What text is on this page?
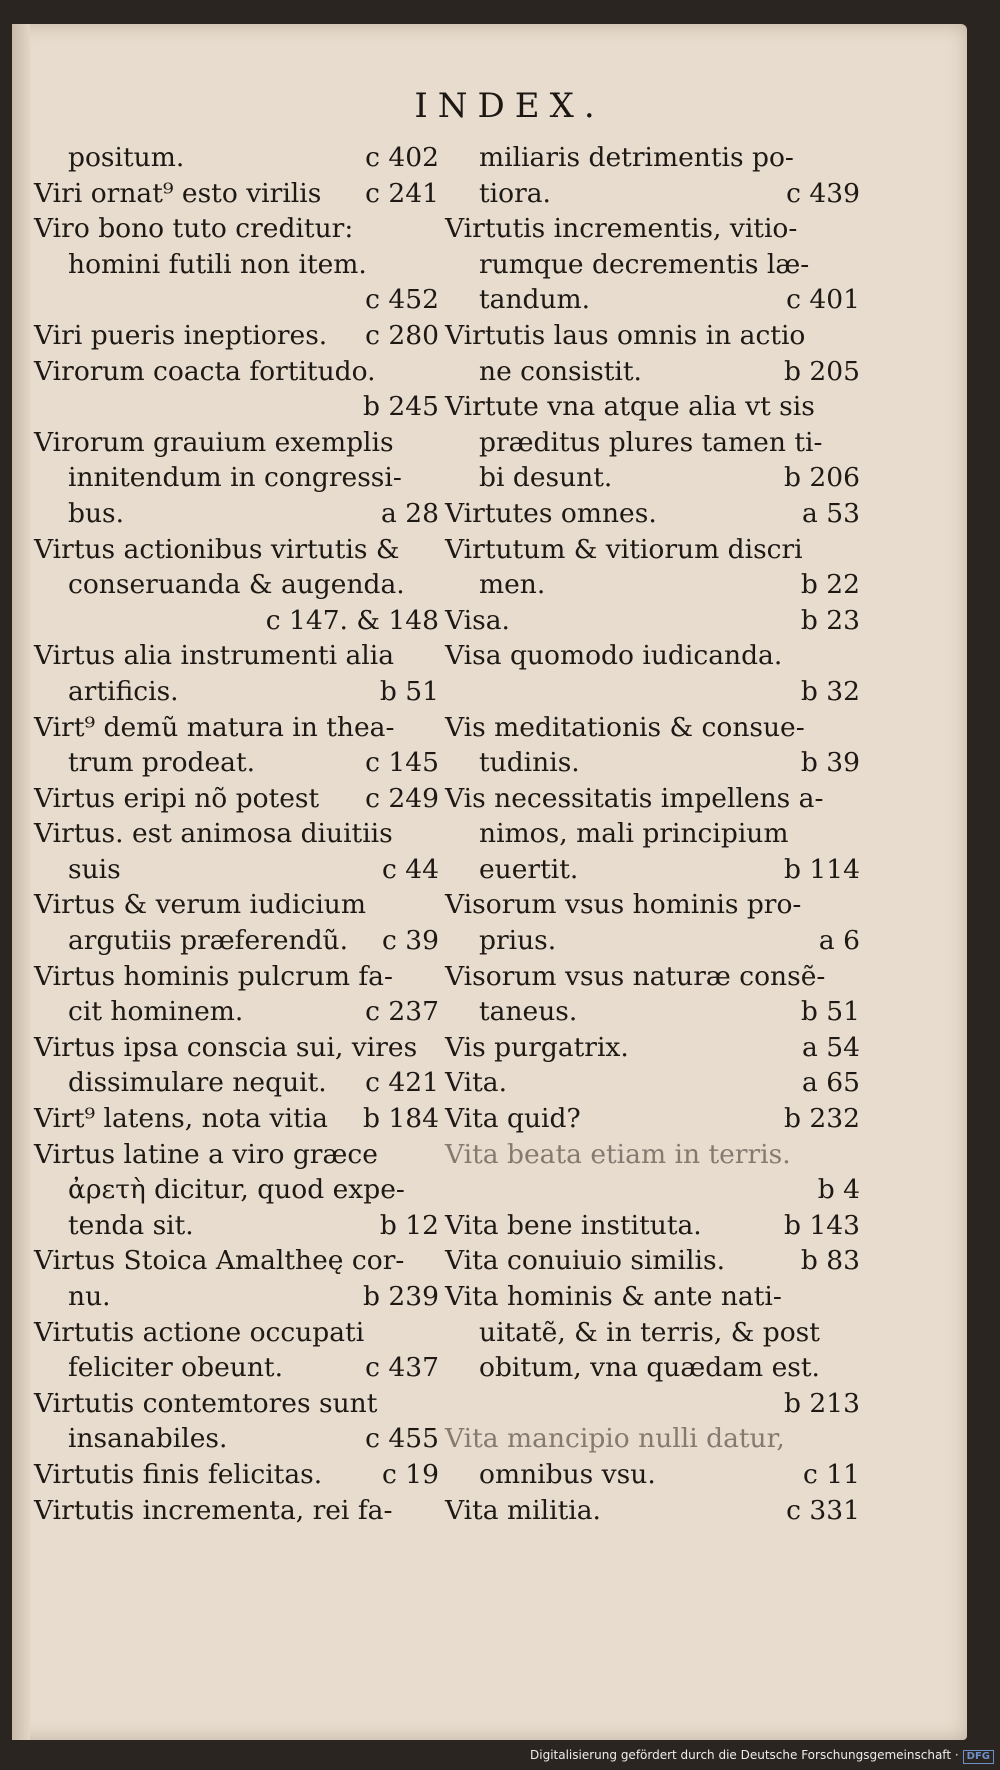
INDEX.
positum.	c 402
Viri ornat⁹ esto virilis c 241
Viro bono tuto creditur:
homini futili non item.
c 452
Viri pueris ineptiores. c 280
Virorum coacta fortitudo.
b 245
Virorum grauium exemplis
innitendum in congressi-
bus.	a 28
Virtus actionibus virtutis &
conseruanda & augenda.
c 147. & 148
Virtus alia instrumenti alia
artificis.	b 51
Virt⁹ demũ matura in thea-
trum prodeat.	c 145
Virtus eripi nõ potest c 249
Virtus. est animosa diuitiis
suis	c 44
Virtus & verum iudicium
argutiis præferendũ. c 39
Virtus hominis pulcrum fa-
cit hominem.	c 237
Virtus ipsa conscia sui, vires
dissimulare nequit. c 421
Virt⁹ latens, nota vitia b 184
Virtus latine a viro græce
ἀρετὴ dicitur, quod expe-
tenda sit.	b 12
Virtus Stoica Amaltheę cor-
nu.	b 239
Virtutis actione occupati
feliciter obeunt.	c 437
Virtutis contemtores sunt
insanabiles.	c 455
Virtutis finis felicitas. c 19
Virtutis incrementa, rei fa-
miliaris detrimentis po-
tiora.	c 439
Virtutis incrementis, vitio-
rumque decrementis læ-
tandum.	c 401
Virtutis laus omnis in actio
ne consistit.	b 205
Virtute vna atque alia vt sis
præditus plures tamen ti-
bi desunt.	b 206
Virtutes omnes.	a 53
Virtutum & vitiorum discri
men.	b 22
Visa.	b 23
Visa quomodo iudicanda.
b 32
Vis meditationis & consue-
tudinis.	b 39
Vis necessitatis impellens a-
nimos, mali principium
euertit.	b 114
Visorum vsus hominis pro-
prius.	a 6
Visorum vsus naturæ consẽ-
taneus.	b 51
Vis purgatrix.	a 54
Vita.	a 65
Vita quid?	b 232
Vita beata etiam in terris.
b 4
Vita bene instituta.	b 143
Vita conuiuio similis.	b 83
Vita hominis & ante nati-
uitatẽ, & in terris, & post
obitum, vna quædam est.
b 213
Vita mancipio nulli datur,
omnibus vsu.	c 11
Vita militia.	c 331
Digitalisierung gefördert durch die Deutsche Forschungsgemeinschaft · DFG
